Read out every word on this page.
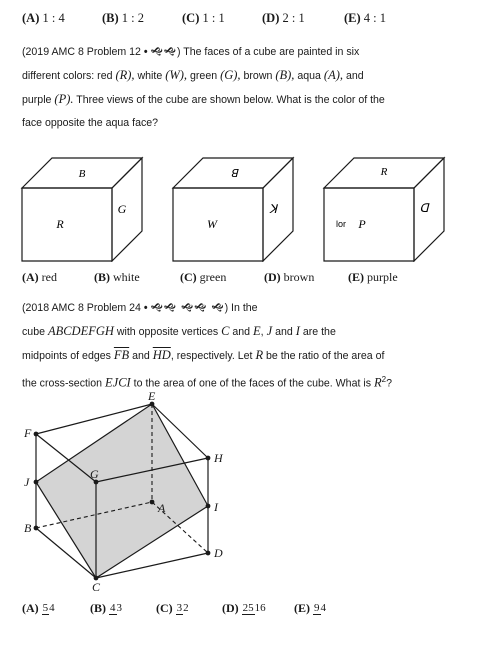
(A) 1 : 4	(B) 1 : 2	(C) 1 : 1	(D) 2 : 1	(E) 4 : 1
(2019 AMC 8 Problem 12 • 🙝🙝) The faces of a cube are painted in six
different colors: red (R), white (W), green (G), brown (B), aqua (A), and
purple (P). Three views of the cube are shown below. What is the color of the
face opposite the aqua face?
B
R
G
ꓭ
W
ꓘ
R
lor P
ᗡ
(A) red	(B) white	(C) green	(D) brown	(E) purple
(2018 AMC 8 Problem 24 • 🙝🙝 🙝🙝 🙝) In the
cube ABCDEFGH with opposite vertices C and E, J and I are the
midpoints of edges $\overline{FB}$ and $\overline{HD}$, respectively. Let R be the ratio of the area of
the cross-section EJCI to the area of one of the faces of the cube. What is $R^2$?
E
F
H
J
G
A	I
B
D
C
(A) 54	(B) 43	(C) 32	(D) 2516 (E) 94
